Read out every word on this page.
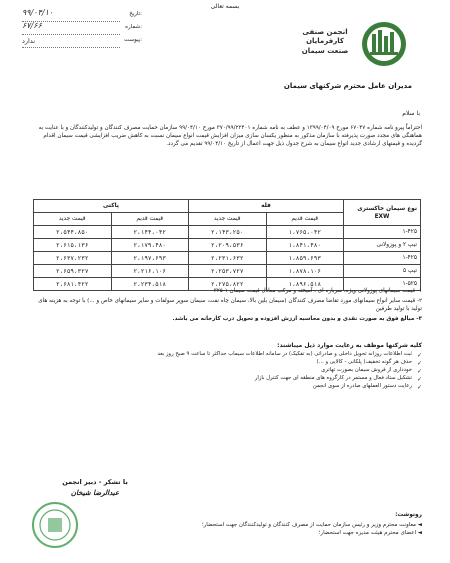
بسمه تعالی
تاریخ:
۹۹/۰۴/۱۰
شماره:
۶۷/۶۶
پیوست:
ندارد
انجمن صنفی
کارفرمایان
صنعت سیمان
مدیران عامل محترم شرکتهای سیمان
با سلام
احتراماً پیرو نامه شماره ۶۷۰۴۷ مورخ ۱۳۹۹/۰۴/۰۹ و عطف به نامه شماره ۳۷۰/۹۹/۲۲۴۰۱ مورخ ۹۹/۰۴/۱۰ سازمان حمایت مصرف کنندگان و تولیدکنندگان و با عنایت به هماهنگی های مجدد صورت پذیرفته با سازمان مذکور به منظور یکسان سازی میزان افزایش قیمت انواع سیمان نسبت به کاهش ضریب افزایشی قیمت سیمان اقدام گردیده و قیمتهای ارشادی جدید انواع سیمان به شرح جدول ذیل جهت اعمال از تاریخ ۹۹/۰۴/۱۰ تقدیم می گردد.
نوع سیمان خاکستری
EXW	فله		پاکتی	
	قیمت قدیم	قیمت جدید	قیمت قدیم	قیمت جدید
۱-۴۲۵	۱،۷۶۵،۰۴۲	۲،۱۴۳،۲۵۰	۲،۱۴۴،۰۴۲	۲،۵۴۴،۸۵۰
تیپ ۲ و پوزولانی	۱،۸۴۱،۴۸۰	۲،۲۰۹،۵۳۶	۲،۱۷۹،۴۸۰	۲،۶۱۵،۱۳۶
۱-۴۲۵	۱،۸۵۹،۶۹۳	۲،۲۳۱،۶۳۲	۲،۱۹۷،۶۹۳	۲،۶۳۷،۲۳۲
تیپ ۵	۱،۸۷۸،۱۰۶	۲،۲۵۳،۷۲۷	۲،۲۱۶،۱۰۶	۲،۶۵۹،۳۲۷
۱-۵۲۵	۱،۸۹۶،۵۱۸	۲،۲۷۵،۸۲۲	۲،۲۳۴،۵۱۸	۲،۶۸۱،۴۲۲

۱- قیمت سیمانهای پوزولانی ویژه، سرباره ای ، آمیخته و مرکب معادل قیمت سیمان ۱-۳۲۵

۲- قیمت سایر انواع سیمانهای مورد تقاضا مصرف کنندگان (سیمان بلین بالا، سیمان چاه نفت، سیمان سوپر سولفات و سایر سیمانهای خاص و ...) با توجه به هزینه های تولید با تولید طرفین

۳- مبالغ فوق به صورت نقدی و بدون محاسبه ارزش افزوده و تحویل درب کارخانه می باشد.

کلیه شرکتها موظف به رعایت موارد ذیل میباشند:
✓
ثبت اطلاعات روزانه تحویل داخلی و صادراتی (به تفکیک) در سامانه اطلاعات سیماب حداکثر تا ساعت ۹ صبح روز بعد
✓
حذف هر گونه تخفیف( پلکانی - کالایی و ...)
✓
خودداری از فروش سیمان بصورت تهاتری
✓
تشکیل ستاد فعال و مستمر در کارگروه های منطقه ای جهت کنترل بازار
✓
رعایت دستور العملهای صادره از سوی انجمن
با تشکر - دبیر انجمن
عبدالرضا شیخان
رونوشت:
◄ معاونت محترم وزیر و رئیس سازمان حمایت از مصرف کنندگان و تولیدکنندگان جهت استحضار؛
◄ اعضای محترم هیئت مدیره جهت استحضار؛
